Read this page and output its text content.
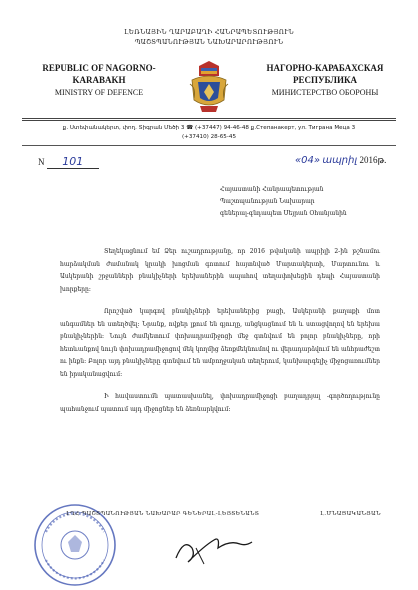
ԼԵՌՆԱՅԻՆ ՂԱՐԱԲԱՂԻ ՀԱՆՐԱՊԵՏՈՒԹՅՈՒՆ
ՊԱՇՏՊԱՆՈՒԹՅԱՆ ՆԱԽԱՐԱՐՈՒԹՅՈՒՆ
REPUBLIC OF NAGORNO-
KARABAKH
MINISTRY OF DEFENCE
НАГОРНО-КАРАБАХСКАЯ
РЕСПУБЛИКА
МИНИСТЕРСТВО ОБОРОНЫ
ք. Ստեփանակերտ, փող. Տիգրան Մեծի 3 ☎ (+37447) 94-46-48 ք.Степанакерт, ул. Тиграна Меца 3
(+37410) 28-65-45
N 101	«04» ապրիլ 2016թ.
Հայաստանի Հանրապետության
Պաշտպանության Նախարար
գեներալ-գնդապետ Սեյրան Օհանյանին

Տեղեկացնում եմ Ձեր ուշադրությանը, որ 2016 թվականի ապրիլի 2-ին թշնամու հարձակման ժամանակ կրակի խոցման գոտում հայտնված Մարտակերտի, Մարտունու և Ասկերանի շրջանների բնակիչների երեխաներին ապահով տեղափոխեցին դեպի Հայաստանի խորքերը:

Որոշված կարգով բնակիչների երեխաներից բացի, Ասկերանի քաղաքի մոտ անգամներ են ստեղծվել: Նրանք, ովքեր լքում են գյուղը, անցկացնում են և ստացվողով են երեխա բնակիչներին: Նույն ժամկետում փոխադրամիջոցի մեջ գտնվում են բոլոր բնակիչները, որի հետևանքով նույն փոխադրամիջոցով մեկ կողմից ձեռքմեկնումով ու վերադարձվում են անհրաժեշտ ու ինքն: Բոլոր այդ բնակիչները գտնվում են ամբողջական տեղերում, կանխարգելիչ միջոցառումներ են իրականացվում:

Ի հավաստումն պատասխանել, փոխադրամիջոցի բաղադրյալ -գործողությունը պահանջում պատում այդ միջոցներ են ձեռնարկվում:

ԼՂՀ ՊԱՇՏՊԱՆՈՒԹՅԱՆ ՆԱԽԱՐԱՐ ԳԵՆԵՐԱԼ-ԼԵՅՏԵՆԱՆՏ	Լ.ՄՆԱՑԱԿԱՆՅԱՆ
